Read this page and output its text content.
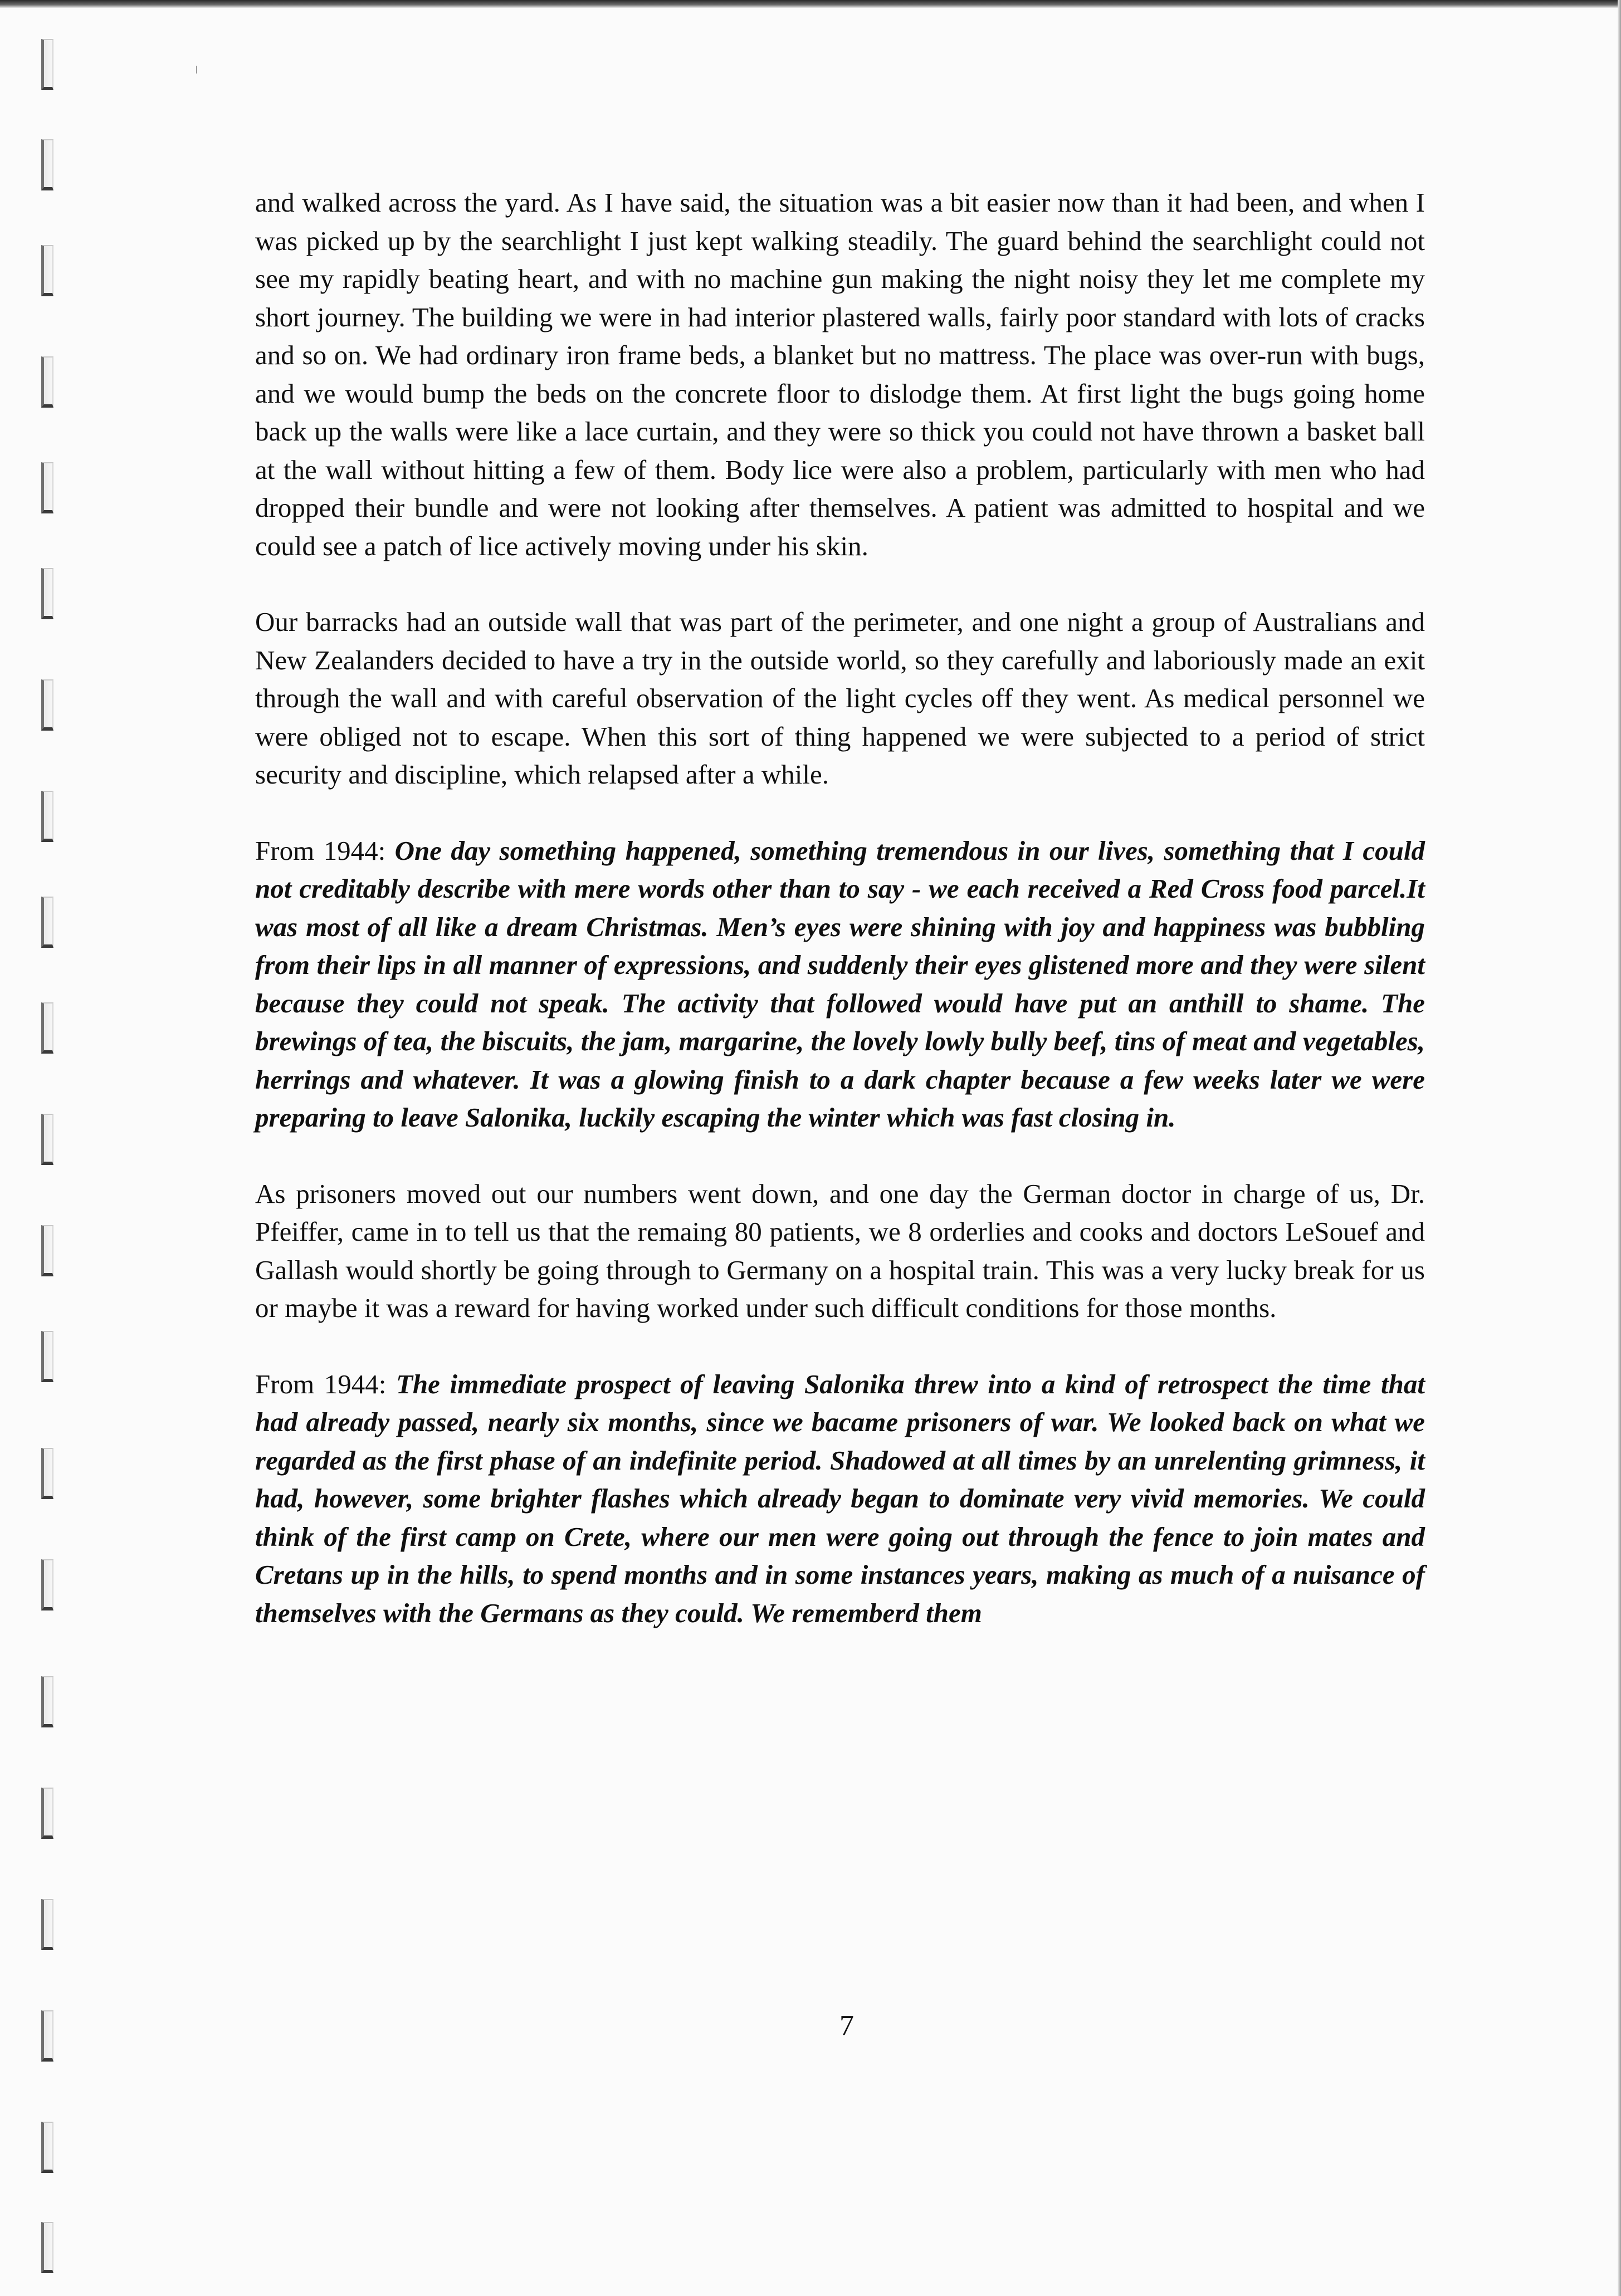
and walked across the yard. As I have said, the situation was a bit easier now than it had been, and when I was picked up by the searchlight I just kept walking steadily. The guard behind the searchlight could not see my rapidly beating heart, and with no machine gun making the night noisy they let me complete my short journey. The building we were in had interior plastered walls, fairly poor standard with lots of cracks and so on. We had ordinary iron frame beds, a blanket but no mattress. The place was over-run with bugs, and we would bump the beds on the concrete floor to dislodge them. At first light the bugs going home back up the walls were like a lace curtain, and they were so thick you could not have thrown a basket ball at the wall without hitting a few of them. Body lice were also a problem, particularly with men who had dropped their bundle and were not looking after themselves. A patient was admitted to hospital and we could see a patch of lice actively moving under his skin.

Our barracks had an outside wall that was part of the perimeter, and one night a group of Australians and New Zealanders decided to have a try in the outside world, so they carefully and laboriously made an exit through the wall and with careful observation of the light cycles off they went. As medical personnel we were obliged not to escape. When this sort of thing happened we were subjected to a period of strict security and discipline, which relapsed after a while.

From 1944: One day something happened, something tremendous in our lives, something that I could not creditably describe with mere words other than to say - we each received a Red Cross food parcel.It was most of all like a dream Christmas. Men’s eyes were shining with joy and happiness was bubbling from their lips in all manner of expressions, and suddenly their eyes glistened more and they were silent because they could not speak. The activity that followed would have put an anthill to shame. The brewings of tea, the biscuits, the jam, margarine, the lovely lowly bully beef, tins of meat and vegetables, herrings and whatever. It was a glowing finish to a dark chapter because a few weeks later we were preparing to leave Salonika, luckily escaping the winter which was fast closing in.

As prisoners moved out our numbers went down, and one day the German doctor in charge of us, Dr. Pfeiffer, came in to tell us that the remaing 80 patients, we 8 orderlies and cooks and doctors LeSouef and Gallash would shortly be going through to Germany on a hospital train. This was a very lucky break for us or maybe it was a reward for having worked under such difficult conditions for those months.

From 1944: The immediate prospect of leaving Salonika threw into a kind of retrospect the time that had already passed, nearly six months, since we bacame prisoners of war. We looked back on what we regarded as the first phase of an indefinite period. Shadowed at all times by an unrelenting grimness, it had, however, some brighter flashes which already began to dominate very vivid memories. We could think of the first camp on Crete, where our men were going out through the fence to join mates and Cretans up in the hills, to spend months and in some instances years, making as much of a nuisance of themselves with the Germans as they could. We rememberd them

7
